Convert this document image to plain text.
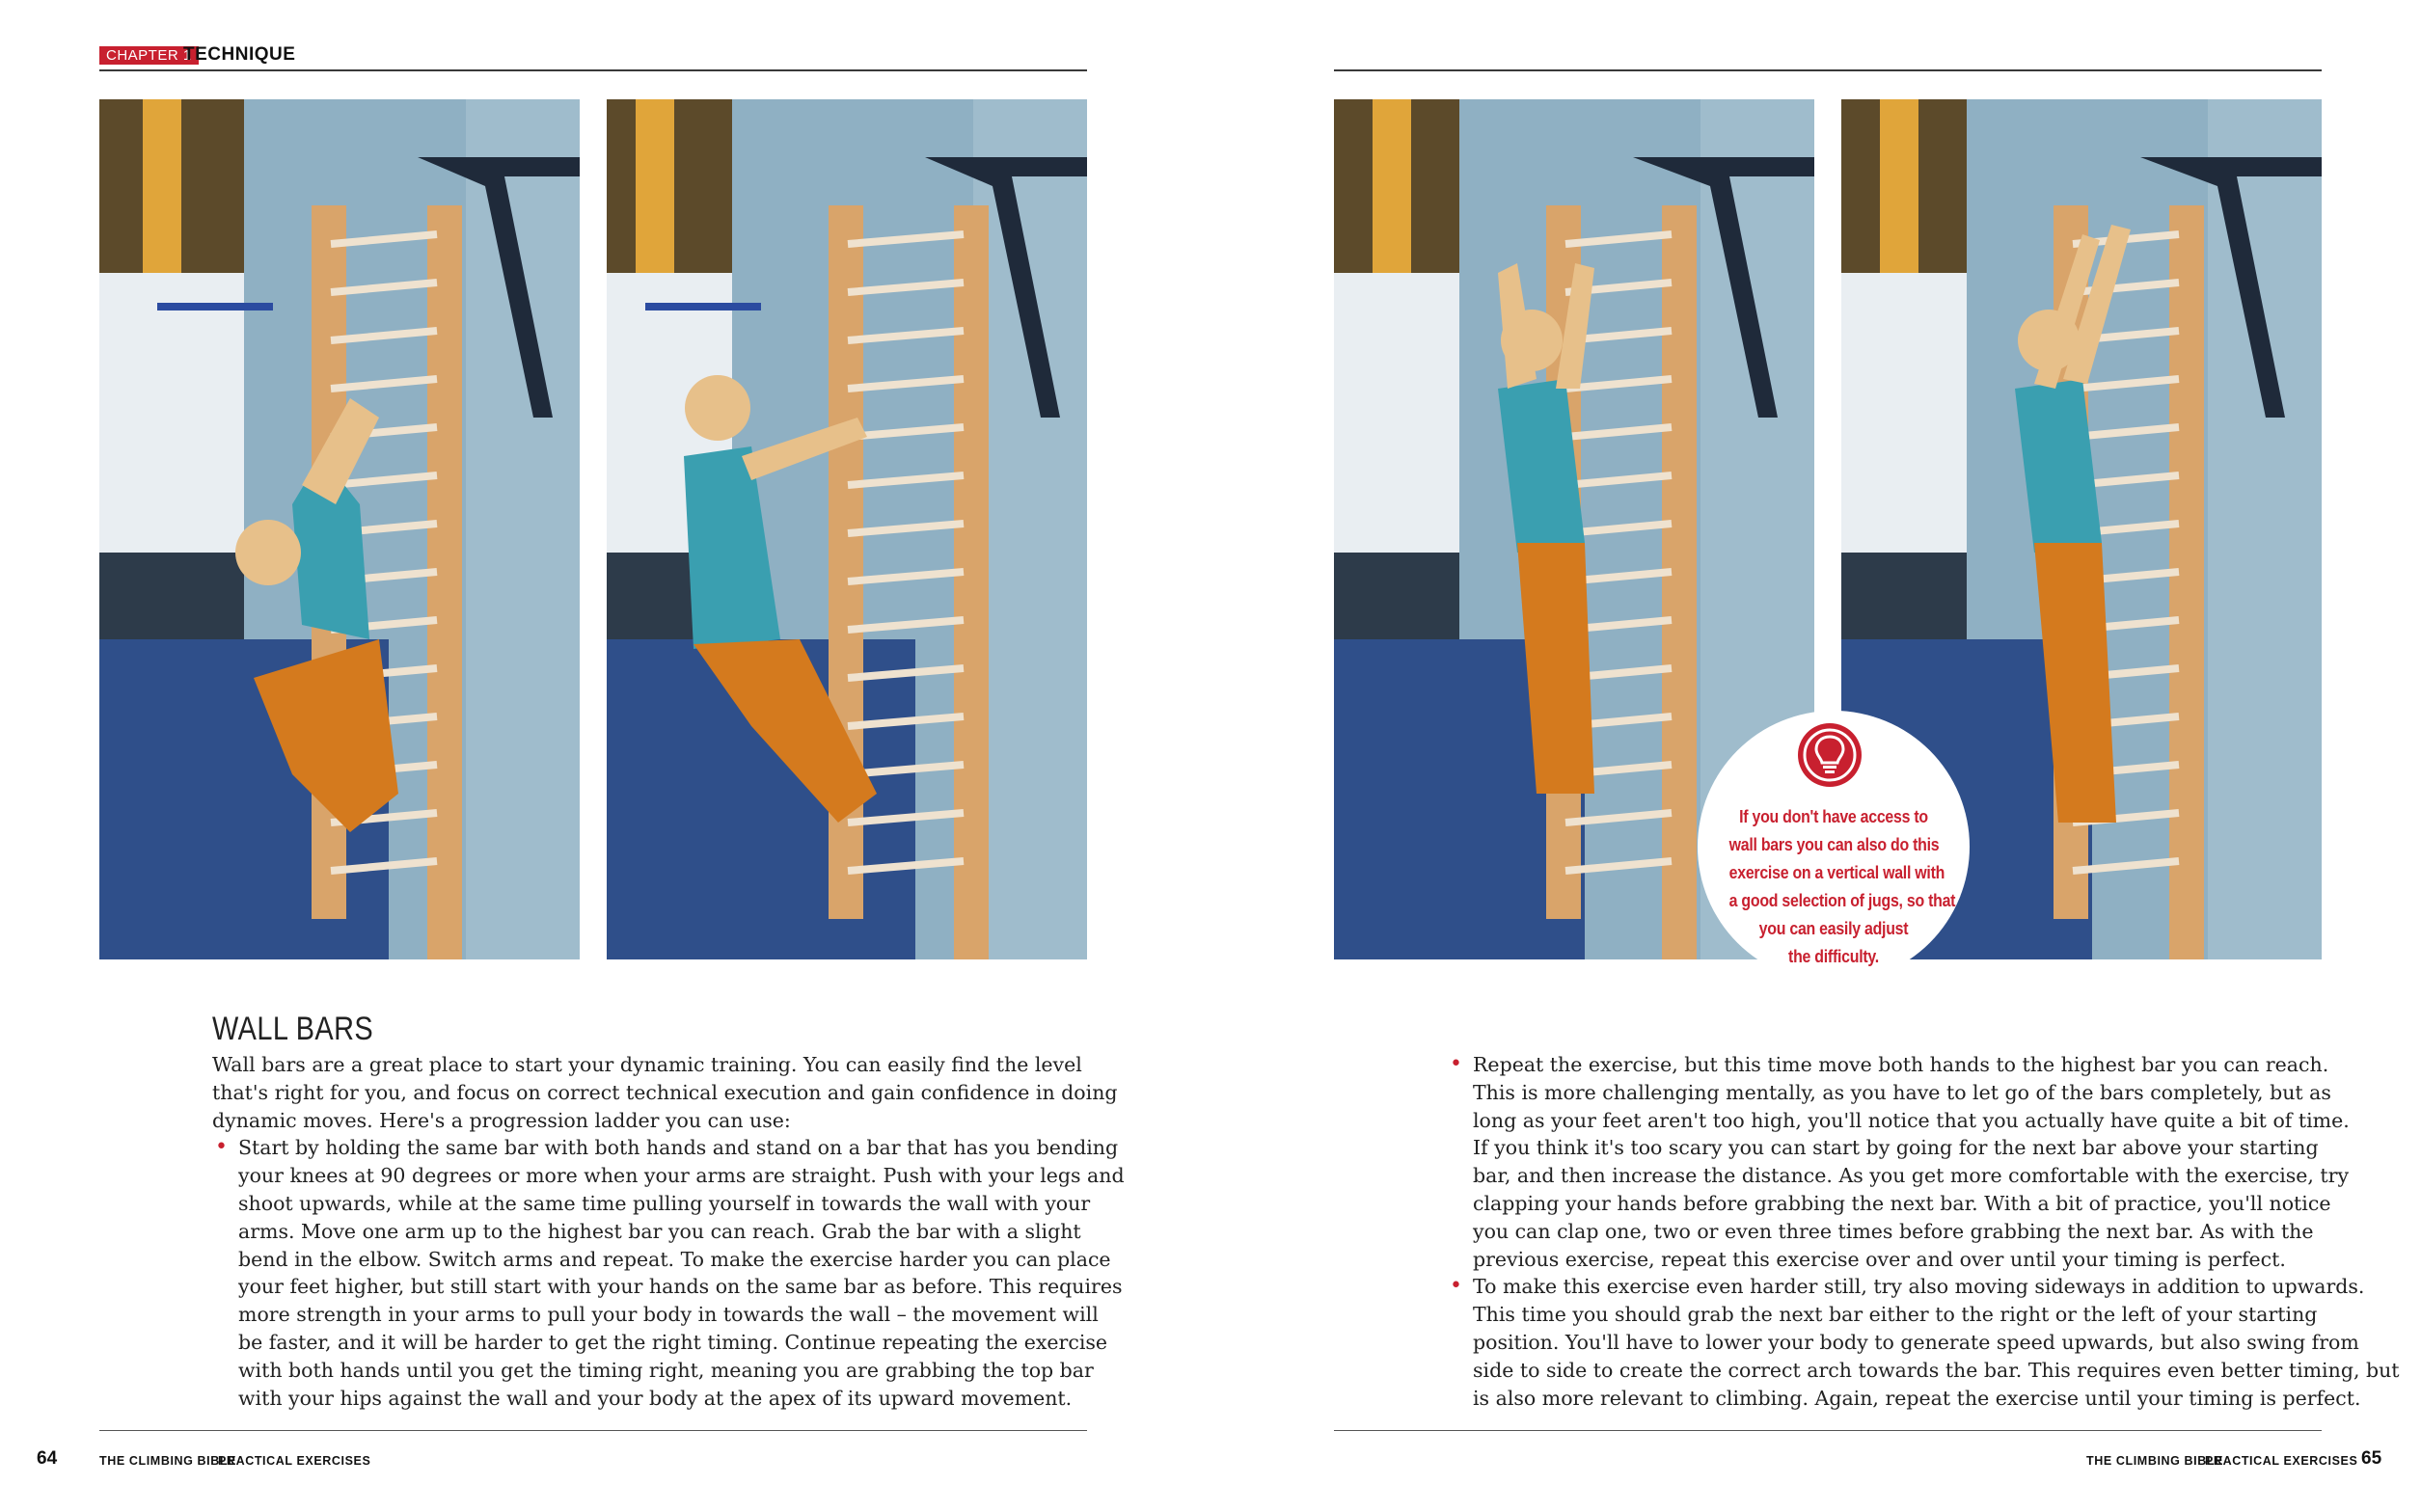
CHAPTER 1
TECHNIQUE
If you don't have access to
wall bars you can also do this
exercise on a vertical wall with
a good selection of jugs, so that
you can easily adjust
the difficulty.
WALL BARS

Wall bars are a great place to start your dynamic training. You can easily find the level
that's right for you, and focus on correct technical execution and gain confidence in doing
dynamic moves. Here's a progression ladder you can use:

• Start by holding the same bar with both hands and stand on a bar that has you bending
your knees at 90 degrees or more when your arms are straight. Push with your legs and
shoot upwards, while at the same time pulling yourself in towards the wall with your
arms. Move one arm up to the highest bar you can reach. Grab the bar with a slight
bend in the elbow. Switch arms and repeat. To make the exercise harder you can place
your feet higher, but still start with your hands on the same bar as before. This requires
more strength in your arms to pull your body in towards the wall – the movement will
be faster, and it will be harder to get the right timing. Continue repeating the exercise
with both hands until you get the timing right, meaning you are grabbing the top bar
with your hips against the wall and your body at the apex of its upward movement.
• Repeat the exercise, but this time move both hands to the highest bar you can reach.
This is more challenging mentally, as you have to let go of the bars completely, but as
long as your feet aren't too high, you'll notice that you actually have quite a bit of time.
If you think it's too scary you can start by going for the next bar above your starting
bar, and then increase the distance. As you get more comfortable with the exercise, try
clapping your hands before grabbing the next bar. With a bit of practice, you'll notice
you can clap one, two or even three times before grabbing the next bar. As with the
previous exercise, repeat this exercise over and over until your timing is perfect.
• To make this exercise even harder still, try also moving sideways in addition to upwards.
This time you should grab the next bar either to the right or the left of your starting
position. You'll have to lower your body to generate speed upwards, but also swing from
side to side to create the correct arch towards the bar. This requires even better timing, but
is also more relevant to climbing. Again, repeat the exercise until your timing is perfect.
64	THE CLIMBING BIBLE
PRACTICAL EXERCISES	THE CLIMBING BIBLE
PRACTICAL EXERCISES 65
